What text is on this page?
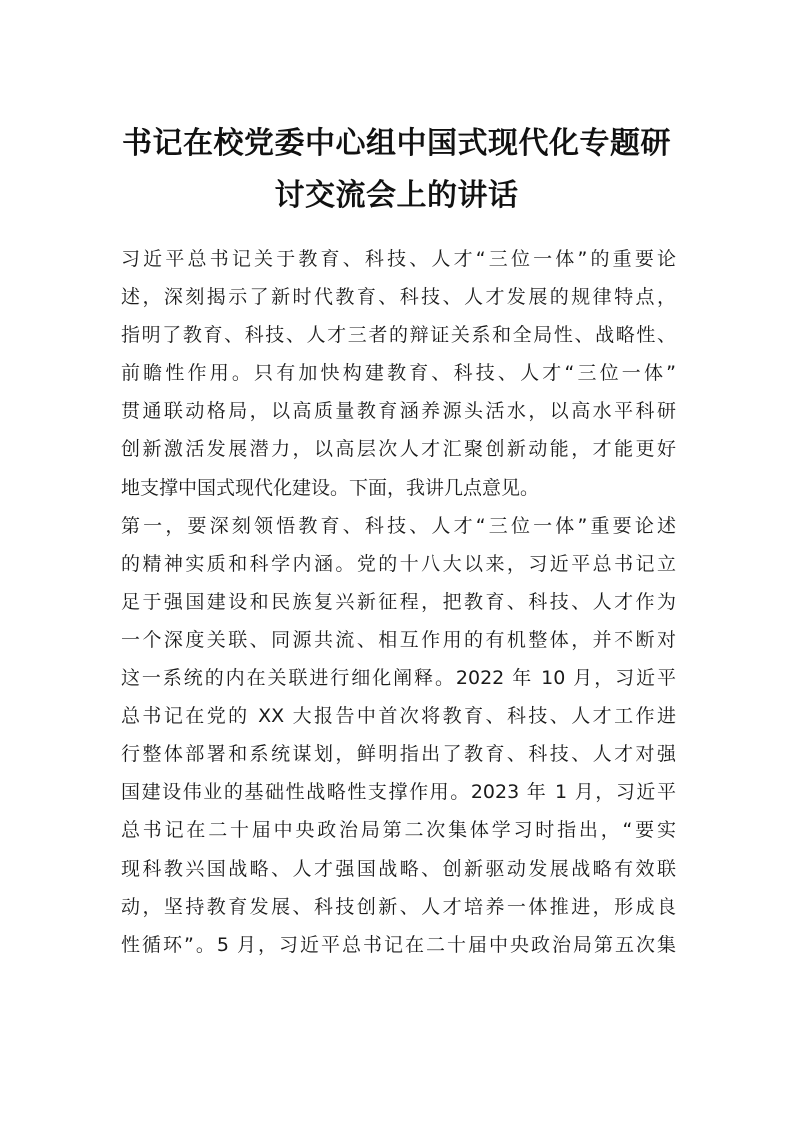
书记在校党委中心组中国式现代化专题研
讨交流会上的讲话
习近平总书记关于教育、科技、人才“三位一体”的重要论
述，深刻揭示了新时代教育、科技、人才发展的规律特点，
指明了教育、科技、人才三者的辩证关系和全局性、战略性、
前瞻性作用。只有加快构建教育、科技、人才“三位一体”
贯通联动格局，以高质量教育涵养源头活水，以高水平科研
创新激活发展潜力，以高层次人才汇聚创新动能，才能更好
地支撑中国式现代化建设。下面，我讲几点意见。
第一，要深刻领悟教育、科技、人才“三位一体”重要论述
的精神实质和科学内涵。党的十八大以来，习近平总书记立
足于强国建设和民族复兴新征程，把教育、科技、人才作为
一个深度关联、同源共流、相互作用的有机整体，并不断对
这一系统的内在关联进行细化阐释。2022 年 10 月，习近平
总书记在党的 XX 大报告中首次将教育、科技、人才工作进
行整体部署和系统谋划，鲜明指出了教育、科技、人才对强
国建设伟业的基础性战略性支撑作用。2023 年 1 月，习近平
总书记在二十届中央政治局第二次集体学习时指出，“要实
现科教兴国战略、人才强国战略、创新驱动发展战略有效联
动，坚持教育发展、科技创新、人才培养一体推进，形成良
性循环”。5 月，习近平总书记在二十届中央政治局第五次集
